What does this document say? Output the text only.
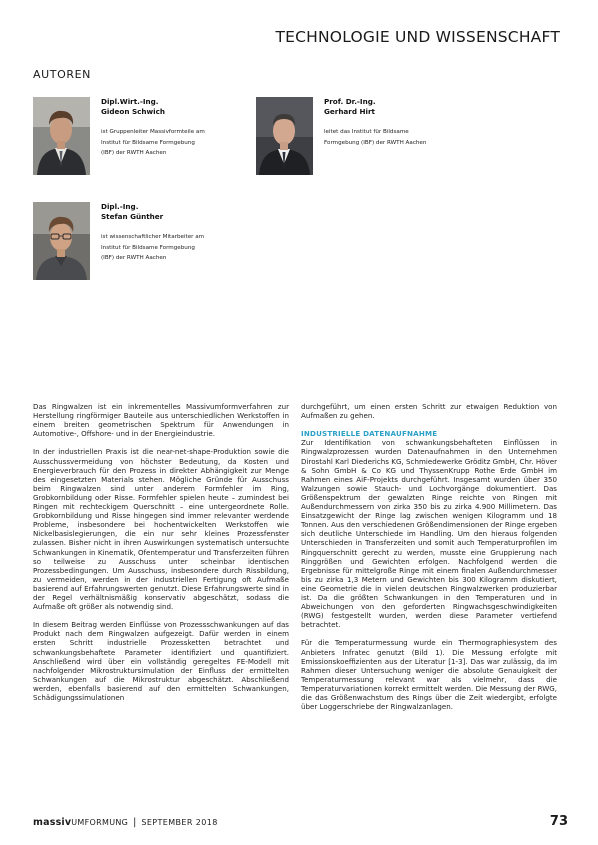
TECHNOLOGIE UND WISSENSCHAFT
AUTOREN
Dipl.Wirt.-Ing.
Gideon Schwich
ist Gruppenleiter Massivformteile am
Institut für Bildsame Formgebung
(IBF) der RWTH Aachen
Prof. Dr.-Ing.
Gerhard Hirt
leitet das Institut für Bildsame
Formgebung (IBF) der RWTH Aachen
Dipl.-Ing.
Stefan Günther
ist wissenschaftlicher Mitarbeiter am
Institut für Bildsame Formgebung
(IBF) der RWTH Aachen

Das Ringwalzen ist ein inkrementelles Massivumformverfahren zur Herstellung ringförmiger Bauteile aus unterschiedlichen Werkstoffen in einem breiten geometrischen Spektrum für Anwendungen in Automotive-, Offshore- und in der Energieindustrie.

In der industriellen Praxis ist die near-net-shape-Produktion sowie die Ausschussvermeidung von höchster Bedeutung, da Kosten und Energieverbrauch für den Prozess in direkter Abhängigkeit zur Menge des eingesetzten Materials stehen. Mögliche Gründe für Ausschuss beim Ringwalzen sind unter anderem Formfehler im Ring, Grobkornbildung oder Risse. Formfehler spielen heute – zumindest bei Ringen mit rechteckigem Querschnitt – eine untergeordnete Rolle. Grobkornbildung und Risse hingegen sind immer relevanter werdende Probleme, insbesondere bei hochentwickelten Werkstoffen wie Nickelbasislegierungen, die ein nur sehr kleines Prozessfenster zulassen. Bisher nicht in ihren Auswirkungen systematisch untersuchte Schwankungen in Kinematik, Ofentemperatur und Transferzeiten führen so teilweise zu Ausschuss unter scheinbar identischen Prozessbedingungen. Um Ausschuss, insbesondere durch Rissbildung, zu vermeiden, werden in der industriellen Fertigung oft Aufmaße basierend auf Erfahrungswerten genutzt. Diese Erfahrungswerte sind in der Regel verhältnismäßig konservativ abgeschätzt, sodass die Aufmaße oft größer als notwendig sind.

In diesem Beitrag werden Einflüsse von Prozessschwankungen auf das Produkt nach dem Ringwalzen aufgezeigt. Dafür werden in einem ersten Schritt industrielle Prozessketten betrachtet und schwankungsbehaftete Parameter identifiziert und quantifiziert. Anschließend wird über ein vollständig geregeltes FE-Modell mit nachfolgender Mikrostruktursimulation der Einfluss der ermittelten Schwankungen auf die Mikrostruktur abgeschätzt. Abschließend werden, ebenfalls basierend auf den ermittelten Schwankungen, Schädigungssimulationen

durchgeführt, um einen ersten Schritt zur etwaigen Reduktion von Aufmaßen zu gehen.

INDUSTRIELLE DATENAUFNAHME

Zur Identifikation von schwankungsbehafteten Einflüssen in Ringwalzprozessen wurden Datenaufnahmen in den Unternehmen Dirostahl Karl Diederichs KG, Schmiedewerke Gröditz GmbH, Chr. Höver & Sohn GmbH & Co KG und ThyssenKrupp Rothe Erde GmbH im Rahmen eines AiF-Projekts durchgeführt. Insgesamt wurden über 350 Walzungen sowie Stauch- und Lochvorgänge dokumentiert. Das Größenspektrum der gewalzten Ringe reichte von Ringen mit Außendurchmessern von zirka 350 bis zu zirka 4.900 Millimetern. Das Einsatzgewicht der Ringe lag zwischen wenigen Kilogramm und 18 Tonnen. Aus den verschiedenen Größendimensionen der Ringe ergeben sich deutliche Unterschiede im Handling. Um den hieraus folgenden Unterschieden in Transferzeiten und somit auch Temperaturprofilen im Ringquerschnitt gerecht zu werden, musste eine Gruppierung nach Ringgrößen und Gewichten erfolgen. Nachfolgend werden die Ergebnisse für mittelgroße Ringe mit einem finalen Außendurchmesser bis zu zirka 1,3 Metern und Gewichten bis 300 Kilogramm diskutiert, eine Geometrie die in vielen deutschen Ringwalzwerken produzierbar ist. Da die größten Schwankungen in den Temperaturen und in Abweichungen von den geforderten Ringwachsgeschwindigkeiten (RWG) festgestellt wurden, werden diese Parameter vertiefend betrachtet.

Für die Temperaturmessung wurde ein Thermographiesystem des Anbieters Infratec genutzt (Bild 1). Die Messung erfolgte mit Emissionskoeffizienten aus der Literatur [1-3]. Das war zulässig, da im Rahmen dieser Untersuchung weniger die absolute Genauigkeit der Temperaturmessung relevant war als vielmehr, dass die Temperaturvariationen korrekt ermittelt werden. Die Messung der RWG, die das Größenwachstum des Rings über die Zeit wiedergibt, erfolgte über Loggerschriebe der Ringwalzanlagen.

massivUMFORMUNG | SEPTEMBER 2018	73
